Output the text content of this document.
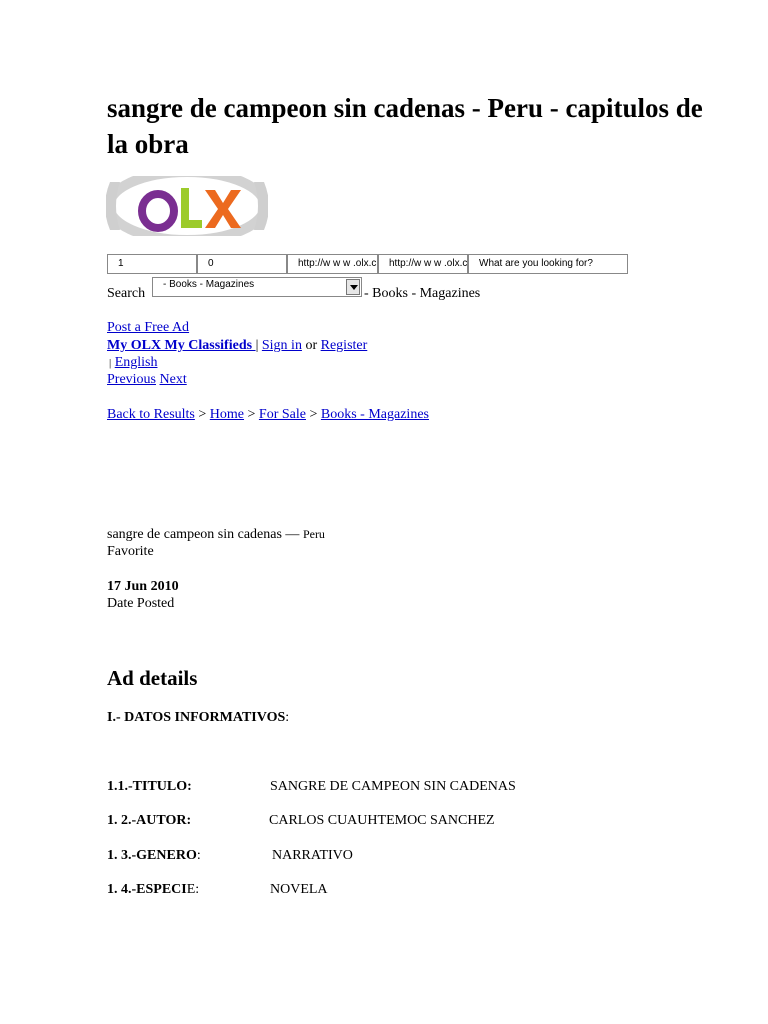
sangre de campeon sin cadenas - Peru - capitulos de la obra
1	0	http://w w w .olx.c	http://w w w .olx.c	What are you looking for?
Search
- Books - Magazines
- Books - Magazines
Post a Free Ad
My OLX My Classifieds | Sign in or Register
| English
Previous Next
Back to Results > Home > For Sale > Books - Magazines
sangre de campeon sin cadenas — Peru
Favorite
17 Jun 2010
Date Posted
Ad details
I.- DATOS INFORMATIVOS:
1.1.-TITULO:	SANGRE DE CAMPEON SIN CADENAS
1. 2.-AUTOR:	CARLOS CUAUHTEMOC SANCHEZ
1. 3.-GENERO:	NARRATIVO
1. 4.-ESPECIE:	NOVELA
